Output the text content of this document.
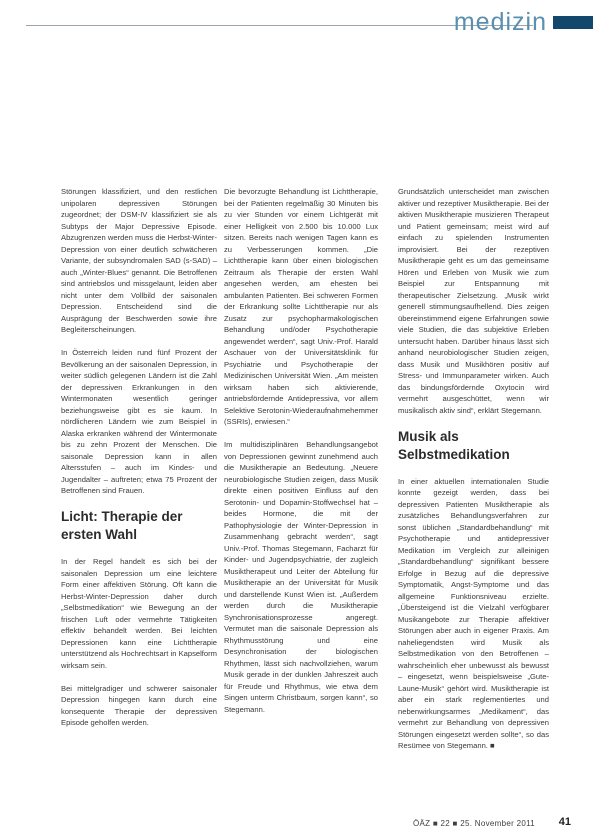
medizin

Störungen klassifiziert, und den restlichen unipolaren depressiven Störungen zugeordnet; der DSM-IV klassifiziert sie als Subtyps der Major Depressive Episode. Abzugrenzen werden muss die Herbst-Winter-Depression von einer deutlich schwächeren Variante, der subsyndromalen SAD (s-SAD) – auch „Winter-Blues“ genannt. Die Betroffenen sind antriebslos und missgelaunt, leiden aber nicht unter dem Vollbild der saisonalen Depression. Entscheidend sind die Ausprägung der Beschwerden sowie ihre Begleiterscheinungen.

In Österreich leiden rund fünf Prozent der Bevölkerung an der saisonalen Depression, in weiter südlich gelegenen Ländern ist die Zahl der depressiven Erkrankungen in den Wintermonaten wesentlich geringer beziehungsweise gibt es sie kaum. In nördlicheren Ländern wie zum Beispiel in Alaska erkranken während der Wintermonate bis zu zehn Prozent der Menschen. Die saisonale Depression kann in allen Altersstufen – auch im Kindes- und Jugendalter – auftreten; etwa 75 Prozent der Betroffenen sind Frauen.

Licht: Therapie der ersten Wahl

In der Regel handelt es sich bei der saisonalen Depression um eine leichtere Form einer affektiven Störung. Oft kann die Herbst-Winter-Depression daher durch „Selbstmedikation“ wie Bewegung an der frischen Luft oder vermehrte Tätigkeiten effektiv behandelt werden. Bei leichten Depressionen kann eine Lichttherapie unterstützend als Hochrechtsart in Kapselform wirksam sein.

Bei mittelgradiger und schwerer saisonaler Depression hingegen kann durch eine konsequente Therapie der depressiven Episode geholfen werden.

Die bevorzugte Behandlung ist Lichttherapie, bei der Patienten regelmäßig 30 Minuten bis zu vier Stunden vor einem Lichtgerät mit einer Helligkeit von 2.500 bis 10.000 Lux sitzen. Bereits nach wenigen Tagen kann es zu Verbesserungen kommen. „Die Lichttherapie kann über einen biologischen Zeitraum als Therapie der ersten Wahl angesehen werden, am ehesten bei ambulanten Patienten. Bei schweren Formen der Erkrankung sollte Lichttherapie nur als Zusatz zur psychopharmakologischen Behandlung und/oder Psychotherapie angewendet werden“, sagt Univ.-Prof. Harald Aschauer von der Universitätsklinik für Psychiatrie und Psychotherapie der Medizinischen Universität Wien. „Am meisten wirksam haben sich aktivierende, antriebsfördernde Antidepressiva, vor allem Selektive Serotonin-Wiederaufnahmehemmer (SSRIs), erwiesen.“

Im multidisziplinären Behandlungsangebot von Depressionen gewinnt zunehmend auch die Musiktherapie an Bedeutung. „Neuere neurobiologische Studien zeigen, dass Musik direkte einen positiven Einfluss auf den Serotonin- und Dopamin-Stoffwechsel hat – beides Hormone, die mit der Pathophysiologie der Winter-Depression in Zusammenhang gebracht werden“, sagt Univ.-Prof. Thomas Stegemann, Facharzt für Kinder- und Jugendpsychiatrie, der zugleich Musiktherapeut und Leiter der Abteilung für Musiktherapie an der Universität für Musik und darstellende Kunst Wien ist. „Außerdem werden durch die Musiktherapie Synchronisationsprozesse angeregt. Vermutet man die saisonale Depression als Rhythmusstörung und eine Desynchronisation der biologischen Rhythmen, lässt sich nachvollziehen, warum Musik gerade in der dunklen Jahreszeit auch für Freude und Rhythmus, wie etwa dem Singen unterm Christbaum, sorgen kann“, so Stegemann.

Grundsätzlich unterscheidet man zwischen aktiver und rezeptiver Musiktherapie. Bei der aktiven Musiktherapie musizieren Therapeut und Patient gemeinsam; meist wird auf einfach zu spielenden Instrumenten improvisiert. Bei der rezeptiven Musiktherapie geht es um das gemeinsame Hören und Erleben von Musik wie zum Beispiel zur Entspannung mit therapeutischer Zielsetzung. „Musik wirkt generell stimmungsaufhellend. Dies zeigen übereinstimmend eigene Erfahrungen sowie viele Studien, die das subjektive Erleben untersucht haben. Darüber hinaus lässt sich anhand neurobiologischer Studien zeigen, dass Musik und Musikhören positiv auf Stress- und Immunparameter wirken. Auch das bindungsfördernde Oxytocin wird vermehrt ausgeschüttet, wenn wir musikalisch aktiv sind“, erklärt Stegemann.

Musik als Selbstmedikation

In einer aktuellen internationalen Studie konnte gezeigt werden, dass bei depressiven Patienten Musiktherapie als zusätzliches Behandlungsverfahren zur sonst üblichen „Standardbehandlung“ mit Psychotherapie und antidepressiver Medikation im Vergleich zur alleinigen „Standardbehandlung“ signifikant bessere Erfolge in Bezug auf die depressive Symptomatik, Angst-Symptome und das allgemeine Funktionsniveau erzielte. „Übersteigend ist die Vielzahl verfügbarer Musikangebote zur Therapie affektiver Störungen aber auch in eigener Praxis. Am naheliegendsten wird Musik als Selbstmedikation von den Betroffenen – wahrscheinlich eher unbewusst als bewusst – eingesetzt, wenn beispielsweise „Gute-Laune-Musik“ gehört wird. Musiktherapie ist aber ein stark reglementiertes und nebenwirkungsarmes „Medikament“, das vermehrt zur Behandlung von depressiven Störungen eingesetzt werden sollte“, so das Resümee von Stegemann. ■

ÖÄZ ■ 22 ■ 25. November 2011 41
